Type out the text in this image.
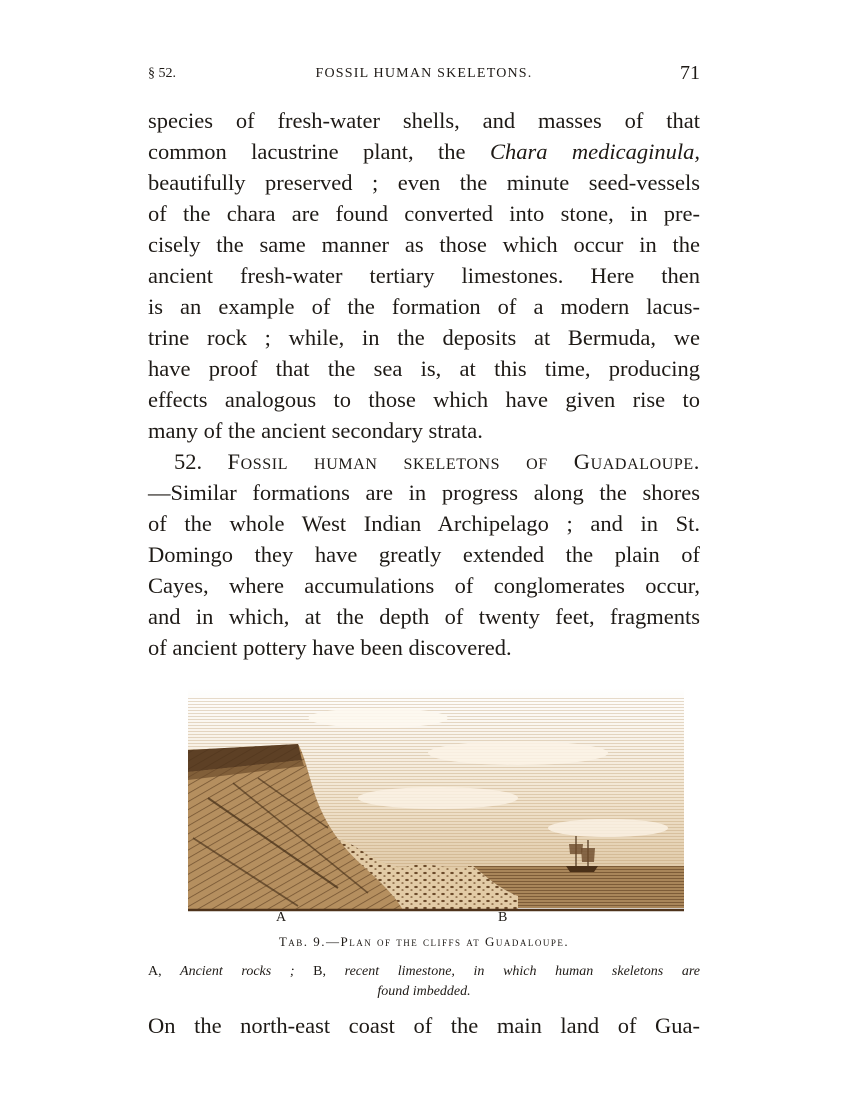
§ 52.	FOSSIL HUMAN SKELETONS.	71
species of fresh-water shells, and masses of that
common lacustrine plant, the Chara medicaginula,
beautifully preserved ; even the minute seed-vessels
of the chara are found converted into stone, in pre-
cisely the same manner as those which occur in the
ancient fresh-water tertiary limestones. Here then
is an example of the formation of a modern lacus-
trine rock ; while, in the deposits at Bermuda, we
have proof that the sea is, at this time, producing
effects analogous to those which have given rise to
many of the ancient secondary strata.
52. Fossil human skeletons of Guadaloupe.
—Similar formations are in progress along the shores
of the whole West Indian Archipelago ; and in St.
Domingo they have greatly extended the plain of
Cayes, where accumulations of conglomerates occur,
and in which, at the depth of twenty feet, fragments
of ancient pottery have been discovered.
A	B
Tab. 9.—Plan of the cliffs at Guadaloupe.
A, Ancient rocks ; B, recent limestone, in which human skeletons are
found imbedded.
On the north-east coast of the main land of Gua-
